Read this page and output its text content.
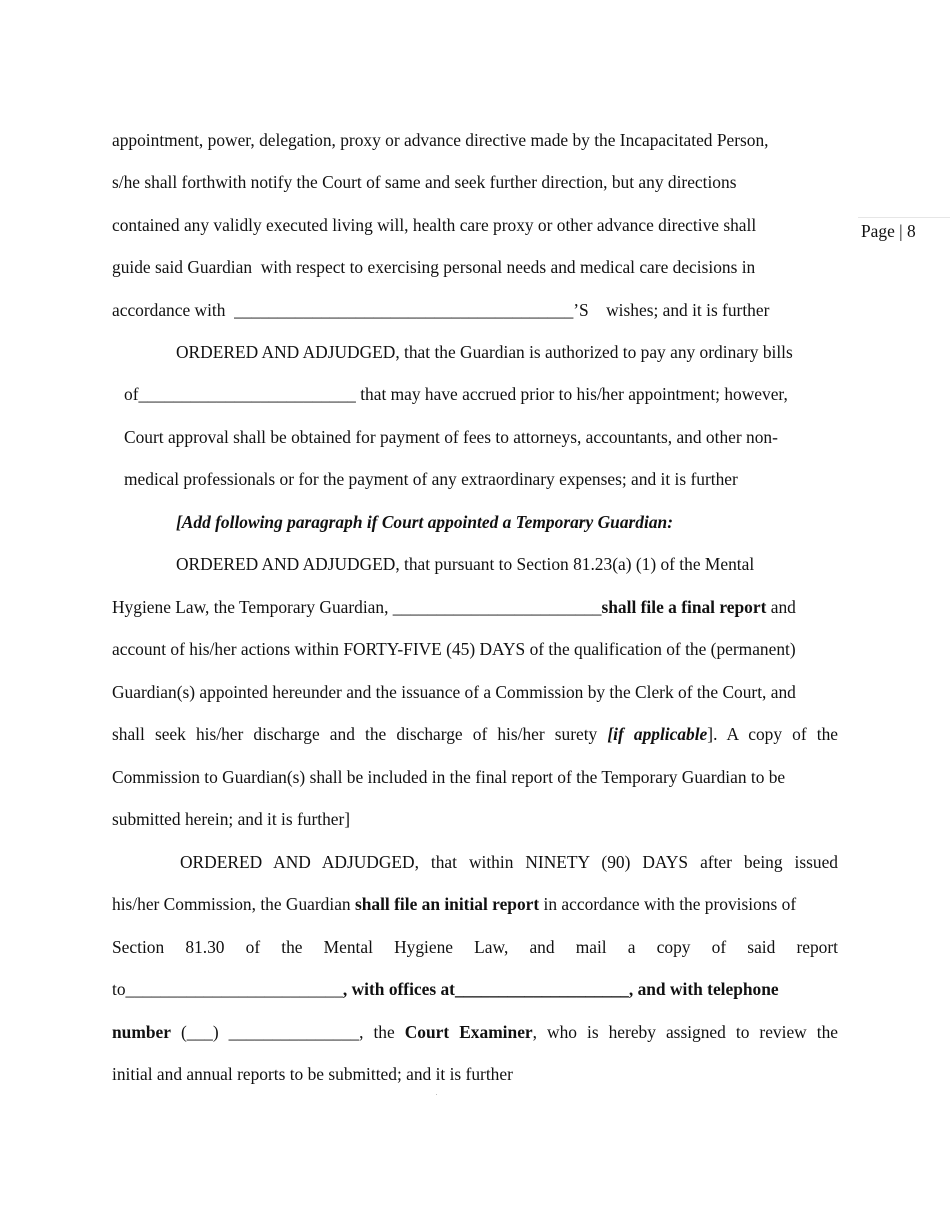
Page | 8
appointment, power, delegation, proxy or advance directive made by the Incapacitated Person,
s/he shall forthwith notify the Court of same and seek further direction, but any directions
contained any validly executed living will, health care proxy or other advance directive shall
guide said Guardian  with respect to exercising personal needs and medical care decisions in
accordance with  _______________________________________’S    wishes; and it is further
ORDERED AND ADJUDGED, that the Guardian is authorized to pay any ordinary bills
of_________________________ that may have accrued prior to his/her appointment; however,
Court approval shall be obtained for payment of fees to attorneys, accountants, and other non-
medical professionals or for the payment of any extraordinary expenses; and it is further
[Add following paragraph if Court appointed a Temporary Guardian:
ORDERED AND ADJUDGED, that pursuant to Section 81.23(a) (1) of the Mental
Hygiene Law, the Temporary Guardian, ________________________shall file a final report and
account of his/her actions within FORTY-FIVE (45) DAYS of the qualification of the (permanent)
Guardian(s) appointed hereunder and the issuance of a Commission by the Clerk of the Court, and
shall seek his/her discharge and the discharge of his/her surety [if applicable]. A copy of the
Commission to Guardian(s) shall be included in the final report of the Temporary Guardian to be
submitted herein; and it is further]
ORDERED AND ADJUDGED, that within NINETY (90) DAYS after being issued
his/her Commission, the Guardian shall file an initial report in accordance with the provisions of
Section 81.30 of the Mental Hygiene Law, and mail a copy of said report
to_________________________, with offices at____________________, and with telephone
number (___) _______________, the Court Examiner, who is hereby assigned to review the
initial and annual reports to be submitted; and it is further
